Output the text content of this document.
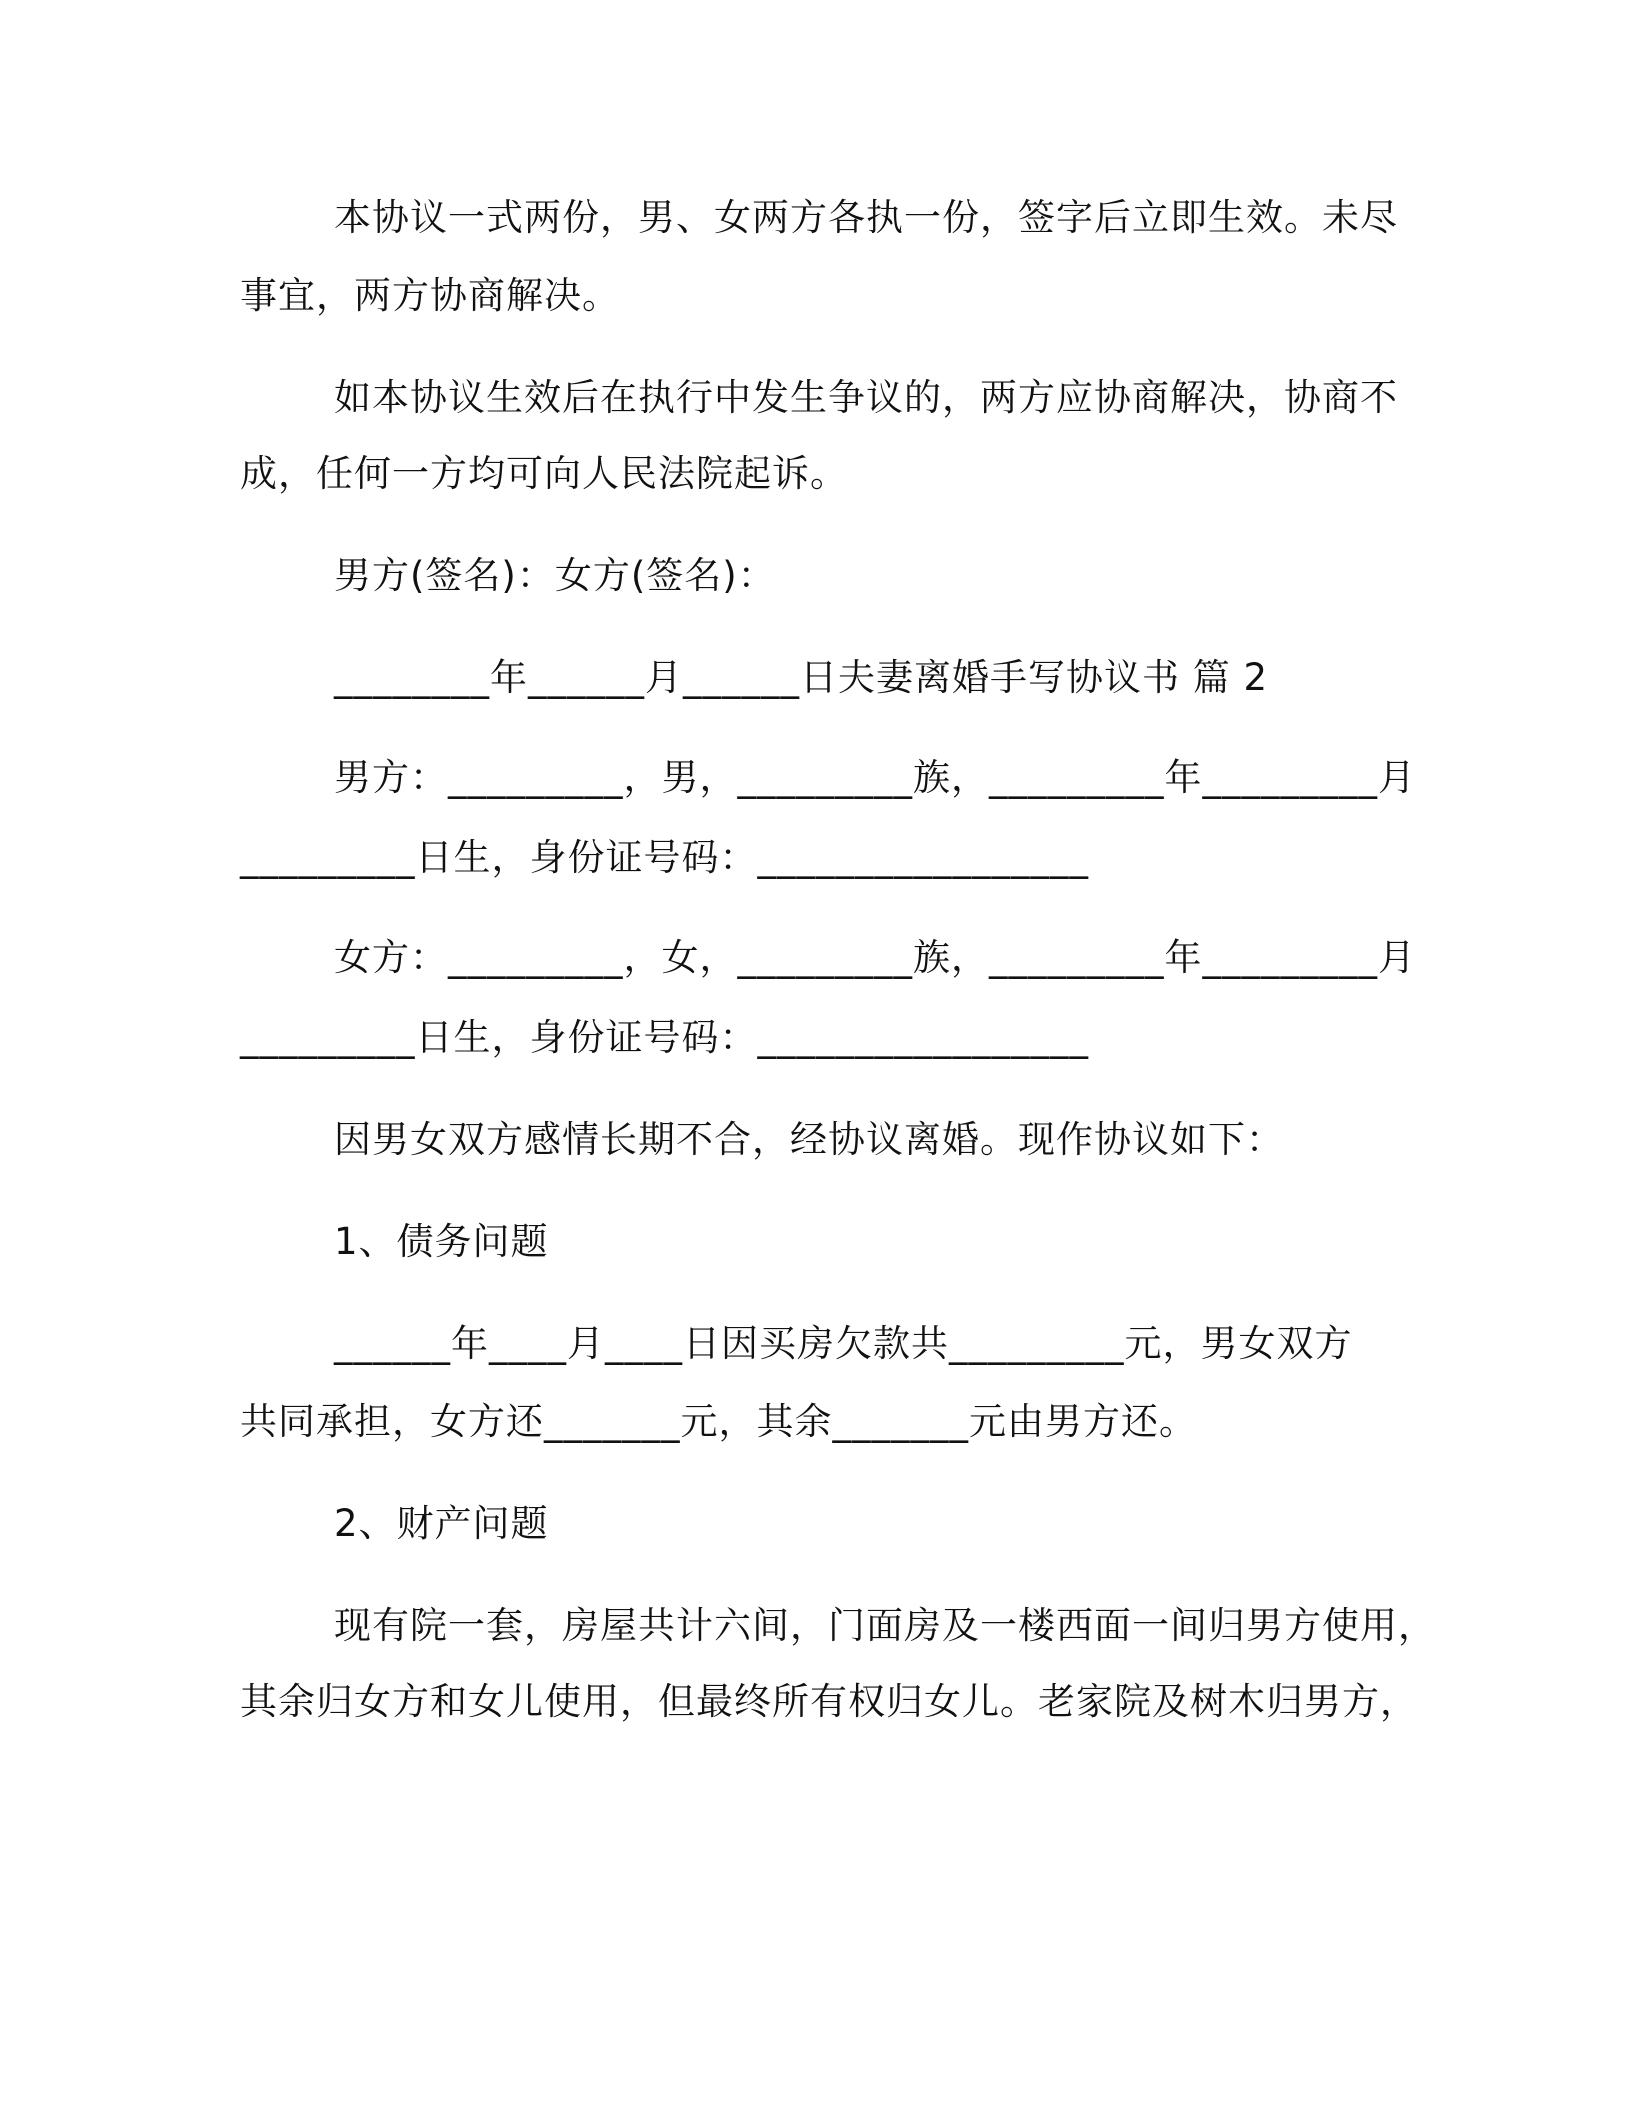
本协议一式两份，男、女两方各执一份，签字后立即生效。未尽
事宜，两方协商解决。
如本协议生效后在执行中发生争议的，两方应协商解决，协商不
成，任何一方均可向人民法院起诉。
男方(签名)：女方(签名)：
________年______月______日夫妻离婚手写协议书 篇 2
男方：_________，男，_________族，_________年_________月
_________日生，身份证号码：_________________
女方：_________，女，_________族，_________年_________月
_________日生，身份证号码：_________________
因男女双方感情长期不合，经协议离婚。现作协议如下：
1、债务问题
______年____月____日因买房欠款共_________元，男女双方
共同承担，女方还_______元，其余_______元由男方还。
2、财产问题
现有院一套，房屋共计六间，门面房及一楼西面一间归男方使用，
其余归女方和女儿使用，但最终所有权归女儿。老家院及树木归男方，
